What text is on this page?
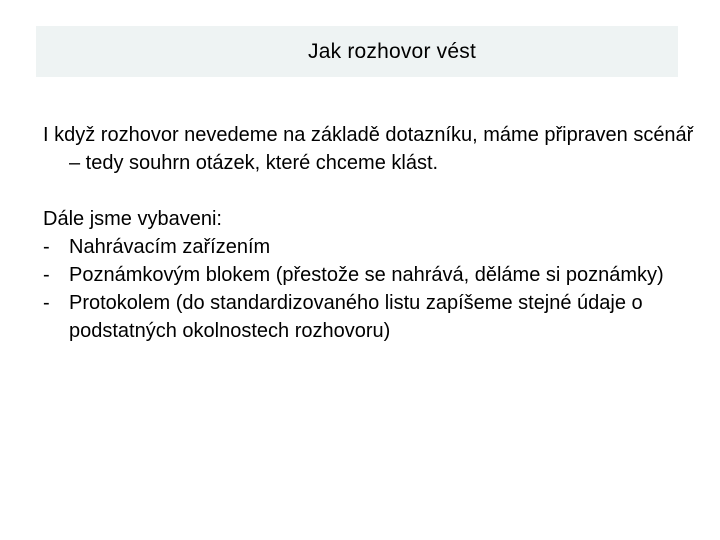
Jak rozhovor vést

I když rozhovor nevedeme na základě dotazníku, máme připraven scénář – tedy souhrn otázek, které chceme klást.

Dále jsme vybaveni:

- Nahrávacím zařízením
- Poznámkovým blokem (přestože se nahrává, děláme si poznámky)
- Protokolem (do standardizovaného listu zapíšeme stejné údaje o podstatných okolnostech rozhovoru)
